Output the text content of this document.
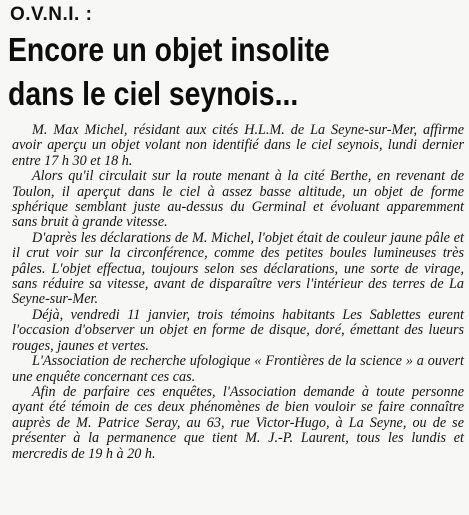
O.V.N.I. :
Encore un objet insolite
dans le ciel seynois...

M. Max Michel, résidant aux cités H.L.M. de La Seyne-sur-Mer, affirme avoir aperçu un objet volant non identifié dans le ciel seynois, lundi dernier entre 17 h 30 et 18 h.

Alors qu'il circulait sur la route menant à la cité Berthe, en revenant de Toulon, il aperçut dans le ciel à assez basse altitude, un objet de forme sphérique semblant juste au-dessus du Germinal et évoluant apparemment sans bruit à grande vitesse.

D'après les déclarations de M. Michel, l'objet était de couleur jaune pâle et il crut voir sur la circonférence, comme des petites boules lumineuses très pâles. L'objet effectua, toujours selon ses déclarations, une sorte de virage, sans réduire sa vitesse, avant de disparaître vers l'intérieur des terres de La Seyne-sur-Mer.

Déjà, vendredi 11 janvier, trois témoins habitants Les Sablettes eurent l'occasion d'observer un objet en forme de disque, doré, émettant des lueurs rouges, jaunes et vertes.

L'Association de recherche ufologique « Frontières de la science » a ouvert une enquête concernant ces cas.

Afin de parfaire ces enquêtes, l'Association demande à toute personne ayant été témoin de ces deux phénomènes de bien vouloir se faire connaître auprès de M. Patrice Seray, au 63, rue Victor-Hugo, à La Seyne, ou de se présenter à la permanence que tient M. J.-P. Laurent, tous les lundis et mercredis de 19 h à 20 h.
